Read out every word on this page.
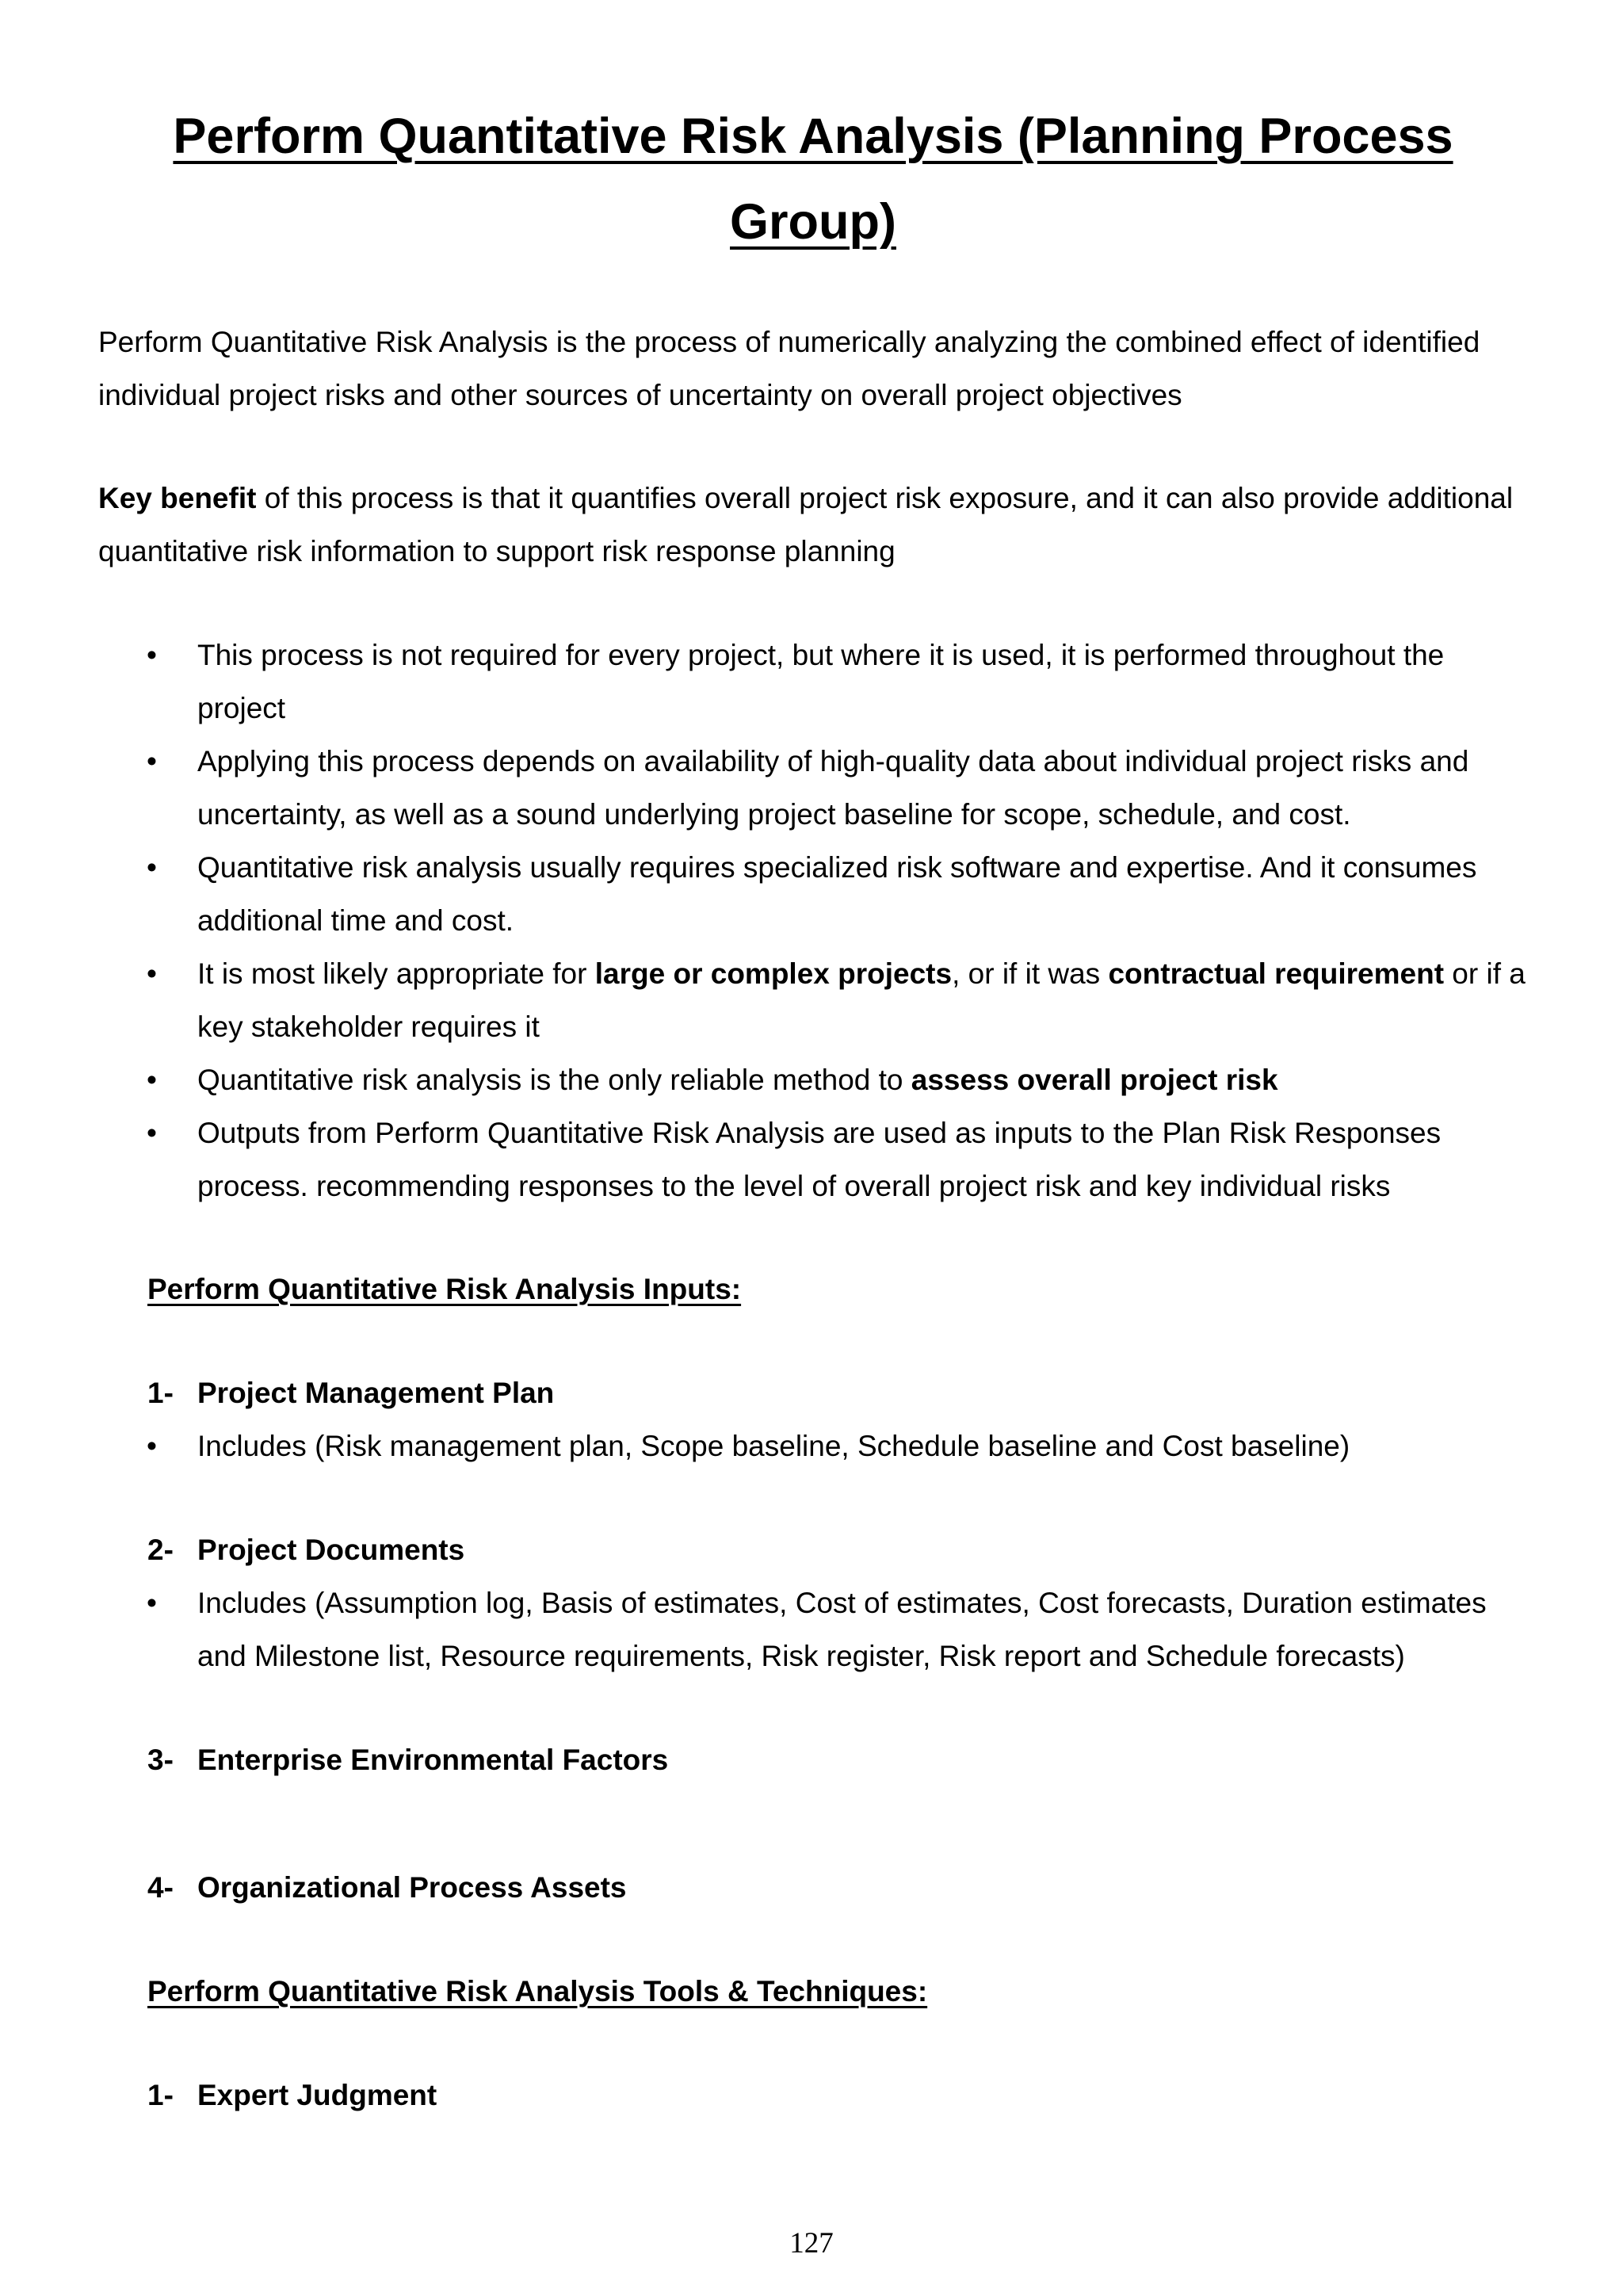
Perform Quantitative Risk Analysis (Planning Process Group)

Perform Quantitative Risk Analysis is the process of numerically analyzing the combined effect of identified individual project risks and other sources of uncertainty on overall project objectives

Key benefit of this process is that it quantifies overall project risk exposure, and it can also provide additional quantitative risk information to support risk response planning

• This process is not required for every project, but where it is used, it is performed throughout the project
• Applying this process depends on availability of high-quality data about individual project risks and uncertainty, as well as a sound underlying project baseline for scope, schedule, and cost.
• Quantitative risk analysis usually requires specialized risk software and expertise. And it consumes additional time and cost.
• It is most likely appropriate for large or complex projects, or if it was contractual requirement or if a key stakeholder requires it
• Quantitative risk analysis is the only reliable method to assess overall project risk
• Outputs from Perform Quantitative Risk Analysis are used as inputs to the Plan Risk Responses process. recommending responses to the level of overall project risk and key individual risks

Perform Quantitative Risk Analysis Inputs:

1- Project Management Plan
• Includes (Risk management plan, Scope baseline, Schedule baseline and Cost baseline)
2- Project Documents
• Includes (Assumption log, Basis of estimates, Cost of estimates, Cost forecasts, Duration estimates and Milestone list, Resource requirements, Risk register, Risk report and Schedule forecasts)
3- Enterprise Environmental Factors
4- Organizational Process Assets

Perform Quantitative Risk Analysis Tools & Techniques:

1- Expert Judgment
127
